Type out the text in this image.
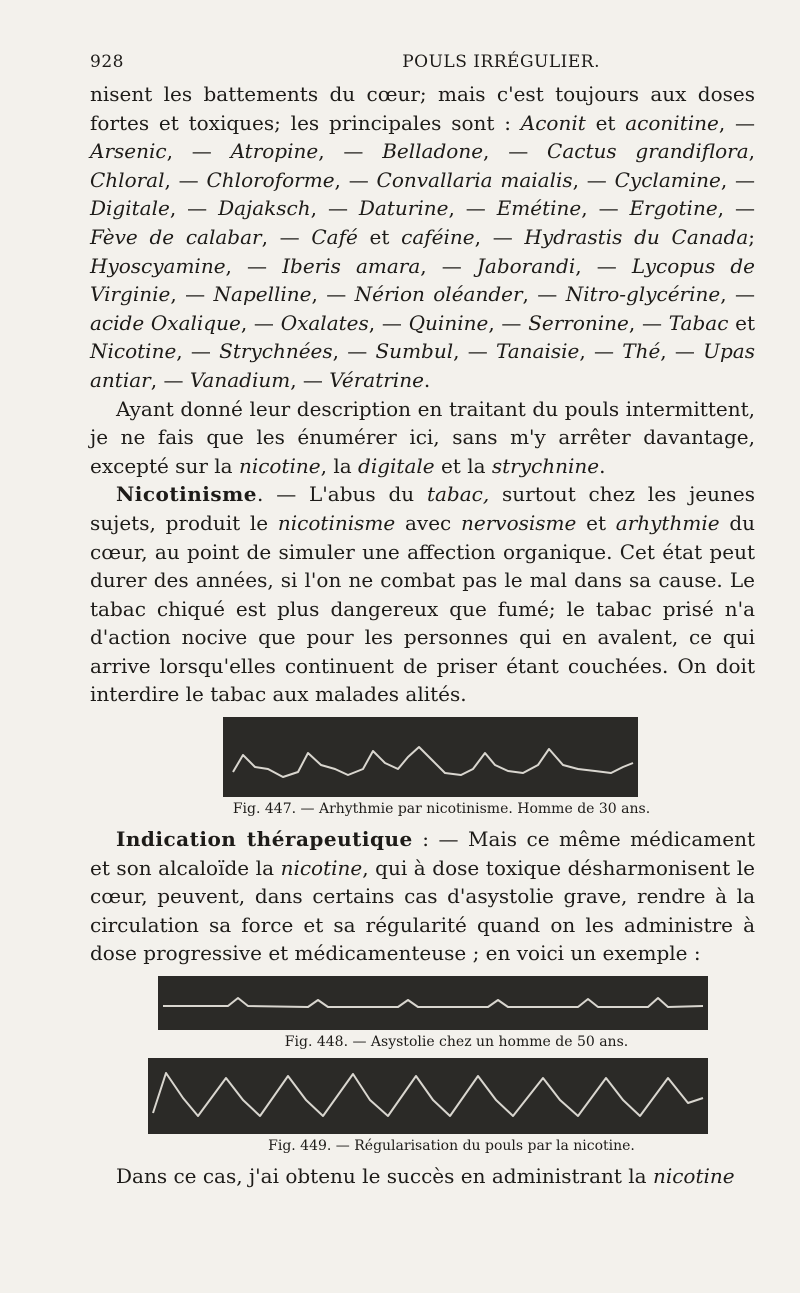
928	POULS IRRÉGULIER.

nisent les battements du cœur; mais c'est toujours aux doses fortes et toxiques; les principales sont : Aconit et aconitine, — Arsenic, — Atropine, — Belladone, — Cactus grandiflora, Chloral, — Chloroforme, — Convallaria maialis, — Cyclamine, — Digitale, — Dajaksch, — Daturine, — Emétine, — Ergotine, — Fève de calabar, — Café et caféine, — Hydrastis du Canada; Hyoscyamine, — Iberis amara, — Jaborandi, — Lycopus de Virginie, — Napelline, — Nérion oléander, — Nitro-glycérine, — acide Oxalique, — Oxalates, — Quinine, — Serronine, — Tabac et Nicotine, — Strychnées, — Sumbul, — Tanaisie, — Thé, — Upas antiar, — Vanadium, — Vératrine.

Ayant donné leur description en traitant du pouls intermittent, je ne fais que les énumérer ici, sans m'y arrêter davantage, excepté sur la nicotine, la digitale et la strychnine.

Nicotinisme. — L'abus du tabac, surtout chez les jeunes sujets, produit le nicotinisme avec nervosisme et arhythmie du cœur, au point de simuler une affection organique. Cet état peut durer des années, si l'on ne combat pas le mal dans sa cause. Le tabac chiqué est plus dangereux que fumé; le tabac prisé n'a d'action nocive que pour les personnes qui en avalent, ce qui arrive lorsqu'elles continuent de priser étant couchées. On doit interdire le tabac aux malades alités.

Fig. 447. — Arhythmie par nicotinisme. Homme de 30 ans.

Indication thérapeutique : — Mais ce même médicament et son alcaloïde la nicotine, qui à dose toxique désharmonisent le cœur, peuvent, dans certains cas d'asystolie grave, rendre à la circulation sa force et sa régularité quand on les administre à dose progressive et médicamenteuse ; en voici un exemple :

Fig. 448. — Asystolie chez un homme de 50 ans.
Fig. 449. — Régularisation du pouls par la nicotine.

Dans ce cas, j'ai obtenu le succès en administrant la nicotine
